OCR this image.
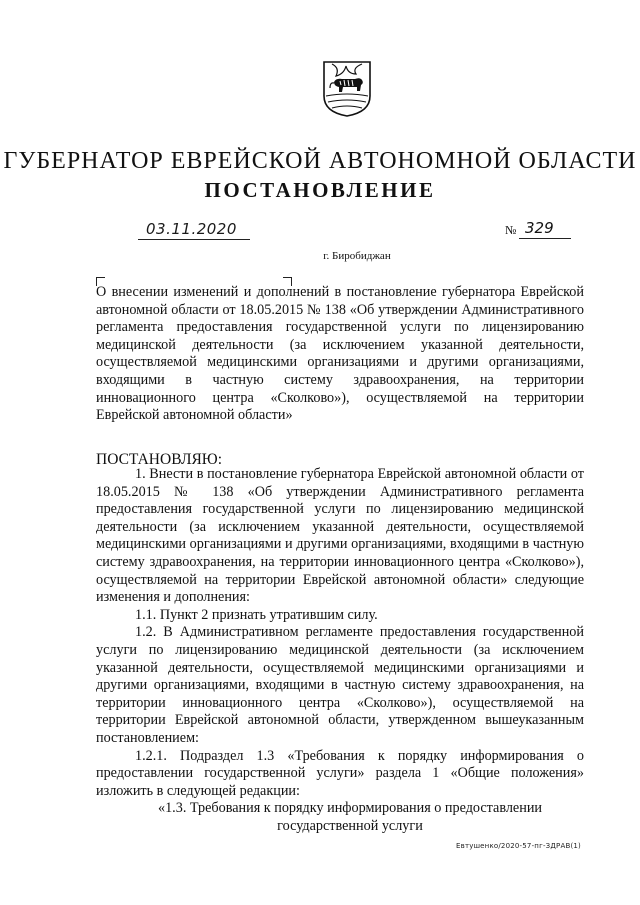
ГУБЕРНАТОР ЕВРЕЙСКОЙ АВТОНОМНОЙ ОБЛАСТИ
ПОСТАНОВЛЕНИЕ
03.11.2020	№ 329
г. Биробиджан
О внесении изменений и дополнений в постановление губернатора Еврейской автономной области от 18.05.2015 № 138 «Об утверждении Административного регламента предоставления государственной услуги по лицензированию медицинской деятельности (за исключением указанной деятельности, осуществляемой медицинскими организациями и другими организациями, входящими в частную систему здравоохранения, на территории инновационного центра «Сколково»), осуществляемой на территории Еврейской автономной области»
ПОСТАНОВЛЯЮ:

1. Внести в постановление губернатора Еврейской автономной области от 18.05.2015 № 138 «Об утверждении Административного регламента предоставления государственной услуги по лицензированию медицинской деятельности (за исключением указанной деятельности, осуществляемой медицинскими организациями и другими организациями, входящими в частную систему здравоохранения, на территории инновационного центра «Сколково»), осуществляемой на территории Еврейской автономной области» следующие изменения и дополнения:

1.1. Пункт 2 признать утратившим силу.

1.2. В Административном регламенте предоставления государственной услуги по лицензированию медицинской деятельности (за исключением указанной деятельности, осуществляемой медицинскими организациями и другими организациями, входящими в частную систему здравоохранения, на территории инновационного центра «Сколково»), осуществляемой на территории Еврейской автономной области, утвержденном вышеуказанным постановлением:

1.2.1. Подраздел 1.3 «Требования к порядку информирования о предоставлении государственной услуги» раздела 1 «Общие положения» изложить в следующей редакции:

«1.3. Требования к порядку информирования о предоставлении государственной услуги

Евтушенко/2020-57-пг-ЗДРАВ(1)
